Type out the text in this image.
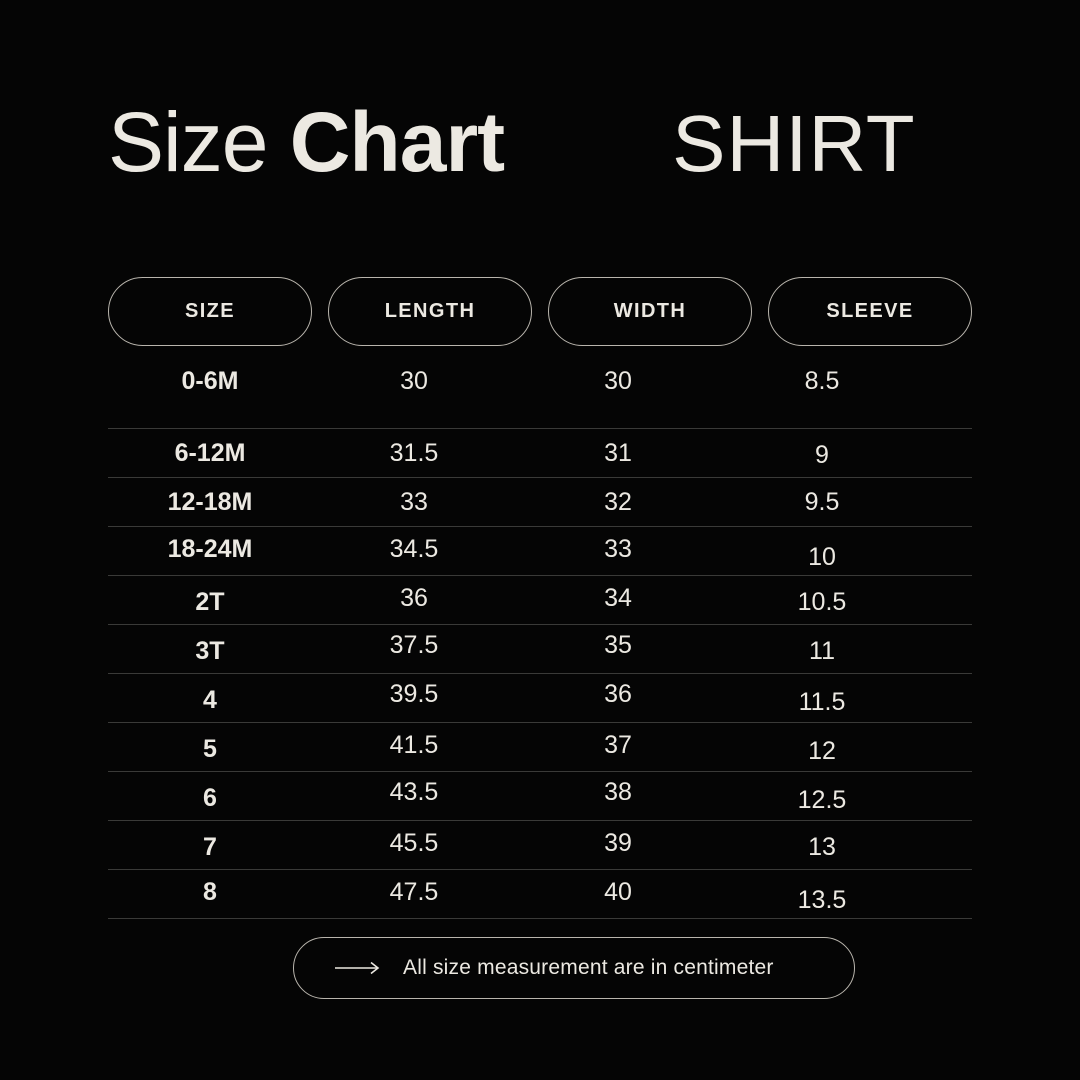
Size Chart SHIRT
SIZE	LENGTH	WIDTH	SLEEVE
0-6M	30	30	8.5
6-12M	31.5	31	9
12-18M	33	32	9.5
18-24M	34.5	33	10
2T	36	34	10.5
3T	37.5	35	11
4	39.5	36	11.5
5	41.5	37	12
6	43.5	38	12.5
7	45.5	39	13
8	47.5	40	13.5
All size measurement are in centimeter
